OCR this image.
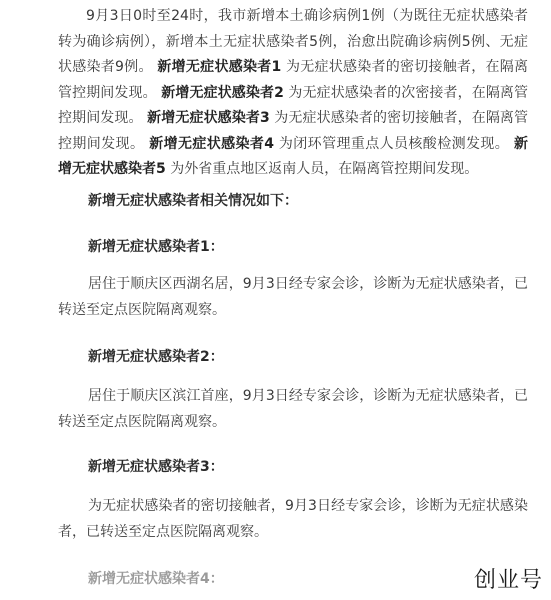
9月3日0时至24时，我市新增本土确诊病例1例（为既往无症状感染者转为确诊病例），新增本土无症状感染者5例，治愈出院确诊病例5例、无症状感染者9例。 新增无症状感染者1 为无症状感染者的密切接触者，在隔离管控期间发现。 新增无症状感染者2 为无症状感染者的次密接者，在隔离管控期间发现。 新增无症状感染者3 为无症状感染者的密切接触者，在隔离管控期间发现。 新增无症状感染者4 为闭环管理重点人员核酸检测发现。 新增无症状感染者5 为外省重点地区返南人员，在隔离管控期间发现。

新增无症状感染者相关情况如下：

新增无症状感染者1：

居住于顺庆区西湖名居，9月3日经专家会诊，诊断为无症状感染者，已转送至定点医院隔离观察。

新增无症状感染者2：

居住于顺庆区滨江首座，9月3日经专家会诊，诊断为无症状感染者，已转送至定点医院隔离观察。

新增无症状感染者3：

为无症状感染者的密切接触者，9月3日经专家会诊，诊断为无症状感染者，已转送至定点医院隔离观察。

新增无症状感染者4：	创业号
